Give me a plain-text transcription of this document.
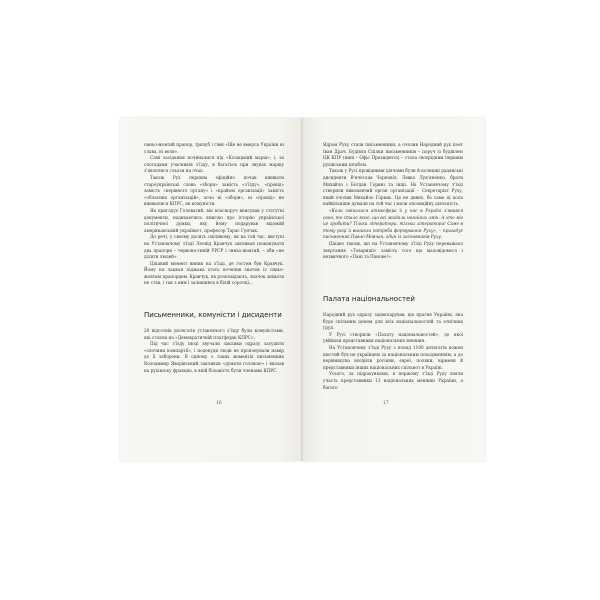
синьо-жовтий прапор, тризуб і гімн «Ще не вмерла України ні слава, ні воля».

Самі засідання починалися під «Козацький марш», і, за спогадами учасників з'їзду, в багатьох при звуках маршу з'являлися сльози на очах.

Також Рух першим офіційно почав вживати староукраїнські слова «збори» замість «з'їзду», «провід» замість «керівного органу» і «крайові організації» замість «обласних організацій», хоча ні «збори», ні «провід» не вживалися КПРС, як комуністи.

Як пригадує Головатий, він власноруч вписував у статутні документи, надихаючись книгою про історію української політичної думки, яку йому подарував відомий американський українист, професор Тарас Гунчак.

До речі, у своєму досить сміливому, як на той час, виступі на Установчому з'їзді Леонід Кравчук закликав пошанувати два прапори – червоно-синій УРСР і синьо-жовтий, – аби «не ділити людей».

Цікавий момент виник на з'їзді, де гостем був Кравчук. Йому на лацкан піджака хтось почепив значок із синьо-жовтим прапорцем. Кравчук, як розповідають, значок знімати не став, і так з ним і залишився в білій сорочці...

Письменники, комуністи і дисиденти

20 відсотків делегатів установчого з'їзду були комуністами, які стояли на «Демократичній платформі КПРС».

Під час з'їзду іноді звучали заклики одразу засудити «злочини компартії», і подекуди люди не пропонували намір до її заборони. В одному з таких моментів письменник Володимир Яворівський закликав «думати головою» і вказав на рухівську фракцію, в якій більшість були членами КПРС.

16

Ядром Руху стали письменники, а очолив Народний рух поет Іван Драч. Будівля Спілки письменників – поруч із будівлею ЦК КПУ (нині – Офіс Президента) – стала своєрідним першим рухівським штабом.

Також у Русі провідними діячами були й колишні радянські дисиденти В'ячеслав Чорновіл, Левко Лук'яненко, брати Михайло і Богдан Горині та інші. На Установчому з'їзді створили виконавчий орган організації – Секретаріат Руху, який очолив Михайло Горинь. Це не дивно, бо саме ці кола найвільніше думали на той час і мали опозиційну діяльність.

«Коли змінилася атмосфера й у нас в Україні з'явився озон, то стало ясно, що всі жадали негайних змін. А хто міг це зробити? Тільки літератори, тільки літератори! Саме в тому році й виникла потреба формування Руху», – пригадує письменник Павло Мовчан, один із засновників Руху.

Цікаво також, що на Установчому з'їзді Руху переважало звертання «Товариші» замість того що маловідомого і незвичного «Пані та Панове!».

Палата національностей

Народний рух одразу задекларував, що прагне України, яка буде спільним домом для всіх національностей та етнічних груп.

У Русі створили «Палату національностей», до якої увійшли представники національних меншин.

На Установчому з'їзді Руху з понад 1100 делегатів кожен шостий був не українцем за національним походженням, а до керівництва входили росіяни, євреї, поляки, вірмени й представники інших національних спільнот в Україні.

Усього, за підрахунками, в першому з'їзді Руху взяли участь представники 13 національних меншин України, а багато

17
